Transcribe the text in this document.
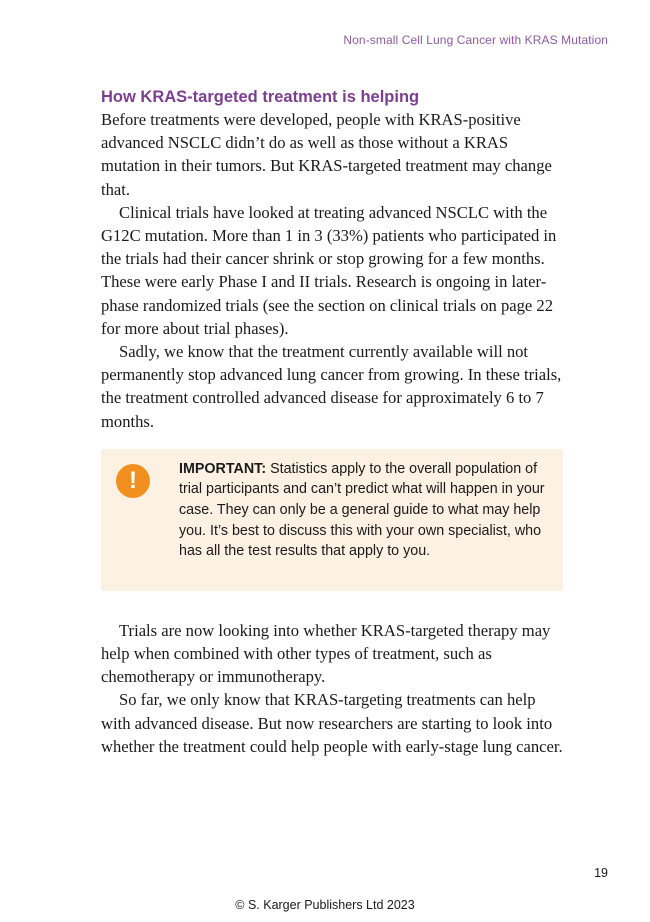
Non-small Cell Lung Cancer with KRAS Mutation
How KRAS-targeted treatment is helping

Before treatments were developed, people with KRAS-positive advanced NSCLC didn’t do as well as those without a KRAS mutation in their tumors. But KRAS-targeted treatment may change that.

Clinical trials have looked at treating advanced NSCLC with the G12C mutation. More than 1 in 3 (33%) patients who participated in the trials had their cancer shrink or stop growing for a few months. These were early Phase I and II trials. Research is ongoing in later-phase randomized trials (see the section on clinical trials on page 22 for more about trial phases).

Sadly, we know that the treatment currently available will not permanently stop advanced lung cancer from growing. In these trials, the treatment controlled advanced disease for approximately 6 to 7 months.

!	IMPORTANT: Statistics apply to the overall population of trial participants and can’t predict what will happen in your case. They can only be a general guide to what may help you. It’s best to discuss this with your own specialist, who has all the test results that apply to you.

Trials are now looking into whether KRAS-targeted therapy may help when combined with other types of treatment, such as chemotherapy or immunotherapy.

So far, we only know that KRAS-targeting treatments can help with advanced disease. But now researchers are starting to look into whether the treatment could help people with early-stage lung cancer.

19
© S. Karger Publishers Ltd 2023
